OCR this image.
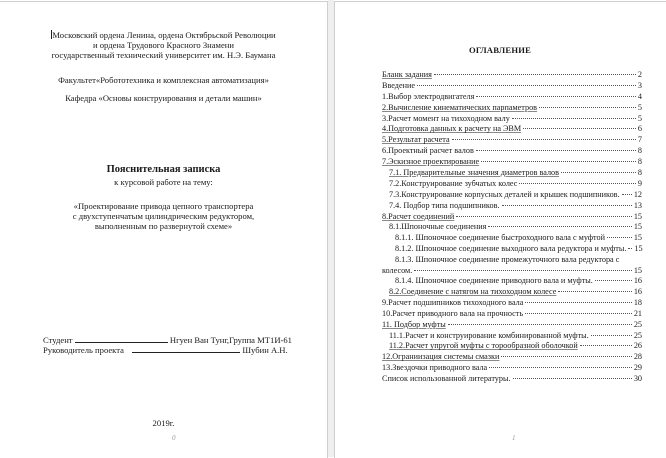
Московский ордена Ленина, ордена Октябрьской Революции
и ордена Трудового Красного Знамени
государственный технический университет им. Н.Э. Баумана
Факультет«Робототехника и комплексная автоматизация»
Кафедра «Основы конструирования и детали машин»
Пояснительная записка
к курсовой работе на тему:
«Проектирование привода цепного транспортера
с двухступенчатым цилиндрическим редуктором,
выполненным по развернутой схеме»
Студент	Нгуен Ван Тунг,Группа МТ1И-61
Руководитель проекта	Шубин А.Н.
2019г.
0
ОГЛАВЛЕНИЕ
Бланк задания	2
Введение	3
1.Выбор электродвигателя	4
2.Вычисление кинематических парпаметров	5
3.Расчет момент на тихоходном валу	5
4.Подготовка данных к расчету на ЭВМ	6
5.Результат расчета	7
6.Проектный расчет валов	8
7.Эскизное проектирование	8
7.1. Предварительные значения диаметров валов	8
7.2.Конструирование зубчатых колес	9
7.3.Конструирование корпусных деталей и крышек подшипников. 12
7.4. Подбор типа подшипников.	13
8.Расчет соединений	15
8.1.Шпоночные соединения	15
8.1.1. Шпоночное соединение быстроходного вала с муфтой	15
8.1.2. Шпоночное соединение выходного вала редуктора и муфты. 15
8.1.3. Шпоночное соединение промежуточного вала редуктора с
колесом.	15
8.1.4. Шпоночное соединение приводного вала и муфты.	16
8.2.Соединение с натягом на тихоходном колесе	16
9.Расчет подшипников тихоходного вала	18
10.Расчет приводного вала на прочность	21
11. Подбор муфты	25
11.1.Расчет и конструирование комбинированной муфты.	25
11.2.Расчет упругой муфты с торообразной оболочкой	26
12.Ограниизация системы смазки	28
13.Звездочки приводного вала	29
Список использованной литературы.	30
1
